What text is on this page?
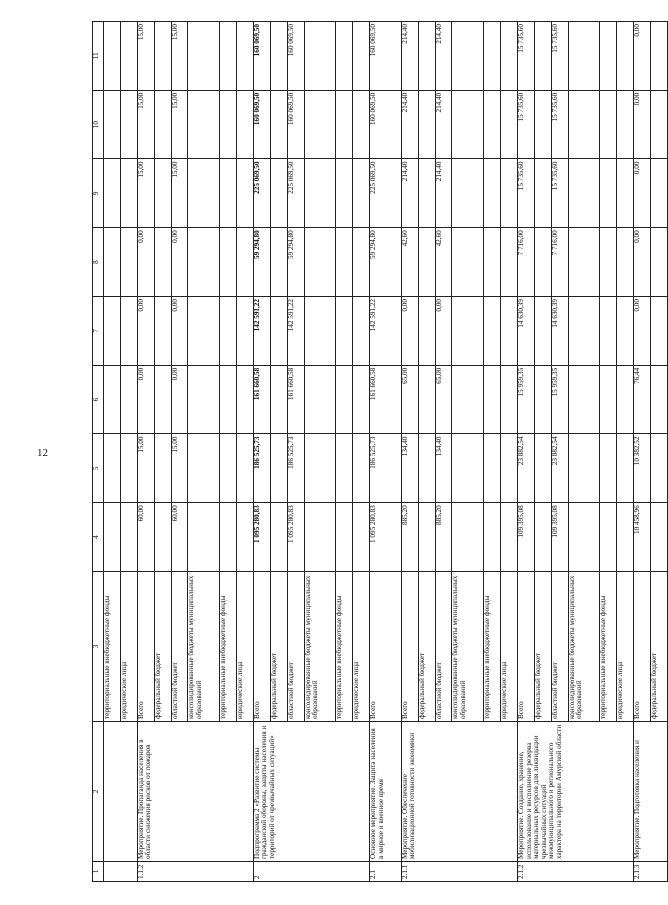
12
1	2	3	4	5	6	7	8	9	10	11
		территориальные внебюджетные фонды								
		юридические лица								
1.1.2	Мероприятие. Пропаганда населения в области снижения рисков от пожаров	Всего	60,00	15,00	0,00	0,00	0,00	15,00	15,00	15,00
		федеральный бюджет								
		областной бюджет	60,00	15,00	0,00	0,00	0,00	15,00	15,00	15,00
		консолидированные бюджеты муниципальных образований								
		территориальные внебюджетные фонды								
		юридические лица								
2	Подпрограмма 2 «Развитие системы гражданской обороны, защиты населения и территорий от чрезвычайных ситуаций»	Всего	1 095 280,83	186 525,73	161 660,58	142 591,22	59 294,80	225 069,50	160 069,50	160 069,50
		федеральный бюджет								
		областной бюджет	1 095 280,83	186 525,73	161 660,58	142 591,22	59 294,80	225 069,50	160 069,50	160 069,50
		консолидированные бюджеты муниципальных образований								
		территориальные внебюджетные фонды								
		юридические лица								
2.1	Основное мероприятие. Защита населения в мирное и военное время	Всего	1 095 280,83	186 525,73	161 660,58	142 591,22	59 294,80	225 069,50	160 069,50	160 069,50
2.1.1	Мероприятие. Обеспечение мобилизационной готовности экономики	Всего	885,20	134,40	65,00	0,00	42,60	214,40	214,40	214,40
		федеральный бюджет								
		областной бюджет	885,20	134,40	65,00	0,00	42,60	214,40	214,40	214,40
		консолидированные бюджеты муниципальных образований								
		территориальные внебюджетные фонды								
		юридические лица								
2.1.2	Мероприятие. Создание, хранение, использование и восполнение резерва материальных ресурсов для ликвидации чрезвычайных ситуаций межмуниципального и регионального характера на территории Амурской области	Всего	109 395,08	23 882,54	15 959,35	14 630,39	7 716,00	15 735,60	15 735,60	15 735,60
		федеральный бюджет								
		областной бюджет	109 395,08	23 882,54	15 959,35	14 630,39	7 716,00	15 735,60	15 735,60	15 735,60
		консолидированные бюджеты муниципальных образований								
		территориальные внебюджетные фонды								
		юридические лица								
2.1.3	Мероприятие. Подготовка населения и	Всего	10 458,96	10 382,52	76,44	0,00	0,00	0,00	0,00	0,00
		федеральный бюджет								
